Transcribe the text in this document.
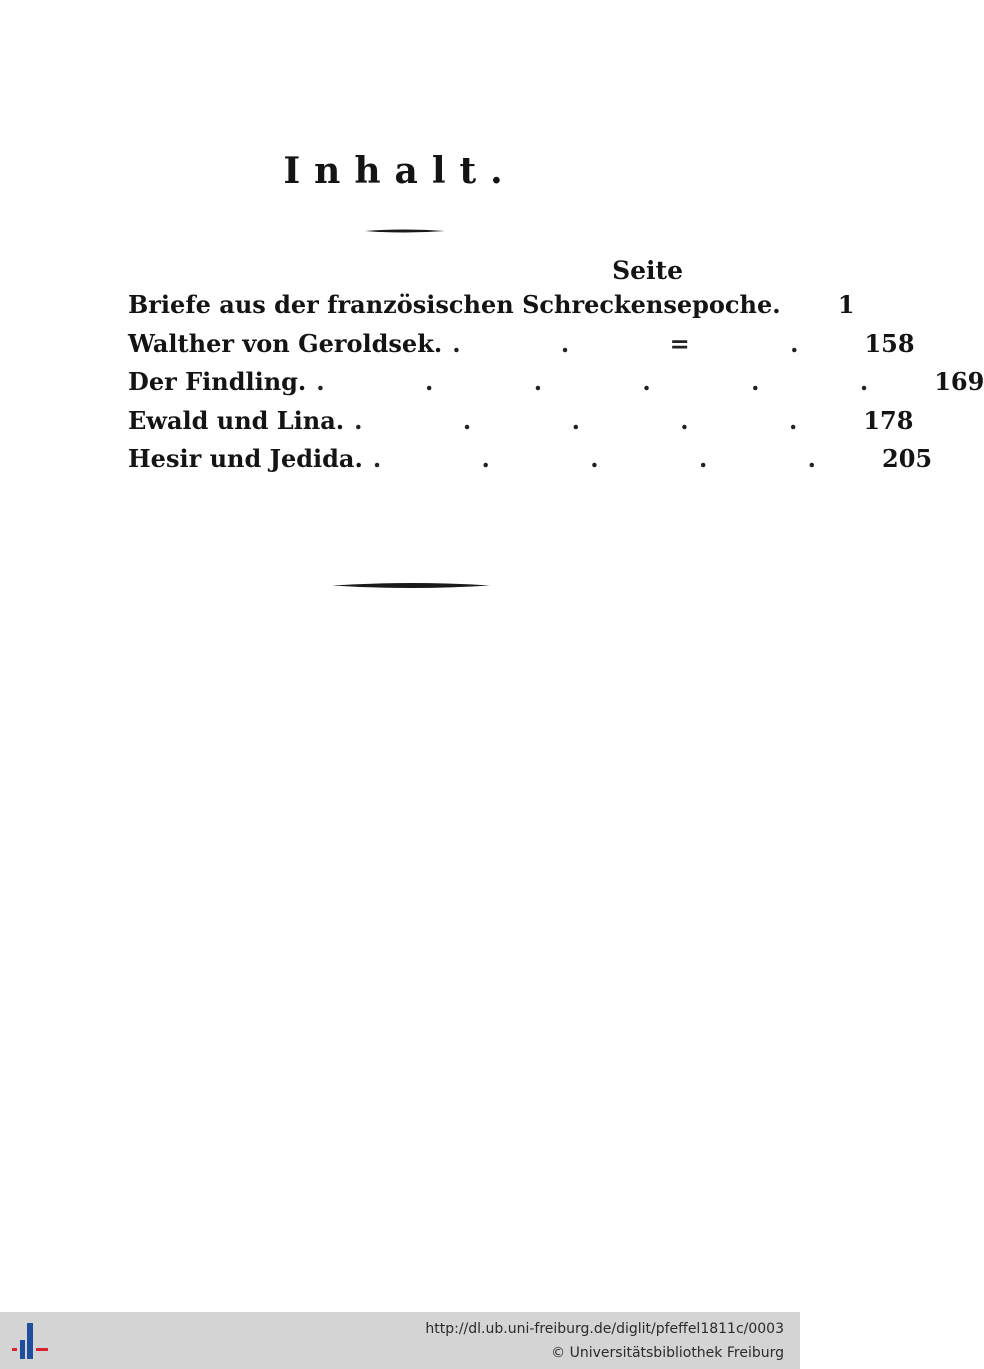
Inhalt.
Seite
Briefe aus der französischen Schreckensepoche.	1
Walther von Geroldsek. . . = . 158
Der Findling. . . . . . . 169
Ewald und Lina. . . . . . 178
Hesir und Jedida. . . . . . 205
http://dl.ub.uni-freiburg.de/diglit/pfeffel1811c/0003
© Universitätsbibliothek Freiburg
